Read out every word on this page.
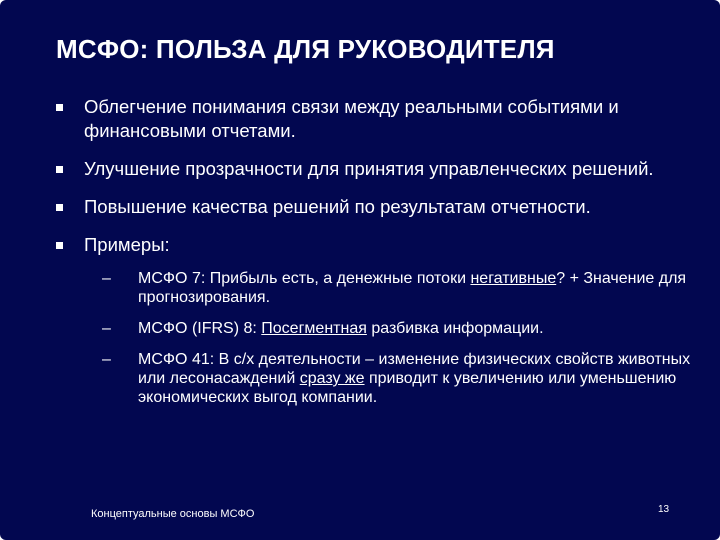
МСФО: ПОЛЬЗА ДЛЯ РУКОВОДИТЕЛЯ
Облегчение понимания связи между реальными событиями и финансовыми отчетами.
Улучшение прозрачности для принятия управленческих решений.
Повышение качества решений по результатам отчетности.
Примеры:
– МСФО 7: Прибыль есть, а денежные потоки негативные? + Значение для прогнозирования.
– МСФО (IFRS) 8: Посегментная разбивка информации.
– МСФО 41: В с/х деятельности – изменение физических свойств животных или лесонасаждений сразу же приводит к увеличению или уменьшению экономических выгод компании.
Концептуальные основы МСФО	13
